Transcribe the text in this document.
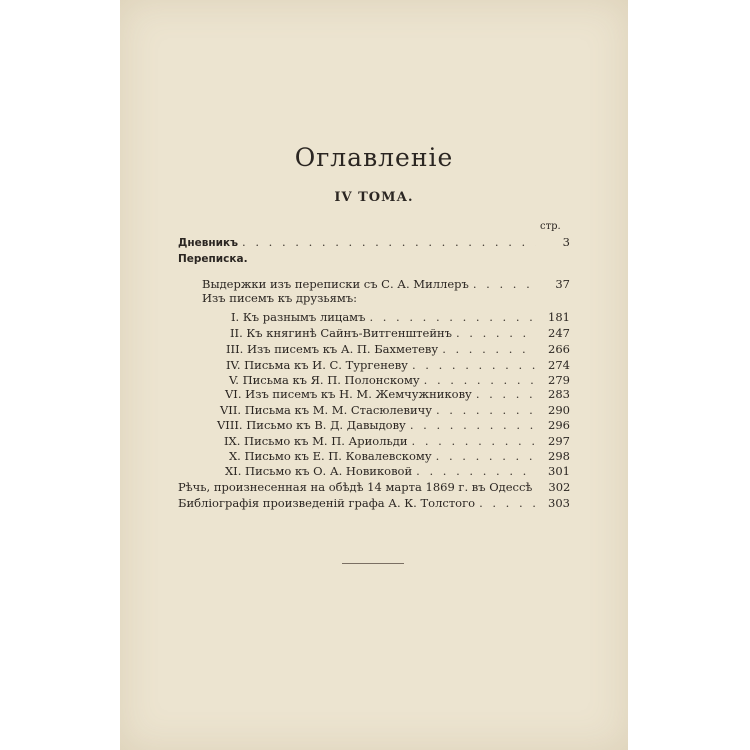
Оглавленіе
IV ТОМА.
стр.
Дневникъ . . .	3
Переписка.
Выдержки изъ переписки съ С. А. Миллеръ . . .	37
Изъ писемъ къ друзьямъ:
I. Къ разнымъ лицамъ . . .	181
II. Къ княгинѣ Сайнъ-Витгенштейнъ . . .	247
III. Изъ писемъ къ А. П. Бахметеву . . .	266
IV. Письма къ И. С. Тургеневу . . .	274
V. Письма къ Я. П. Полонскому . . .	279
VI. Изъ писемъ къ Н. М. Жемчужникову . . .	283
VII. Письма къ М. М. Стасюлевичу . . .	290
VIII. Письмо къ В. Д. Давыдову . . .	296
IX. Письмо къ М. П. Ариольди . . .	297
X. Письмо къ Е. П. Ковалевскому . . .	298
XI. Письмо къ О. А. Новиковой . . .	301
Рѣчь, произнесенная на обѣдѣ 14 марта 1869 г. въ Одессѣ	302
Библіографія произведеній графа А. К. Толстого . . .	303
